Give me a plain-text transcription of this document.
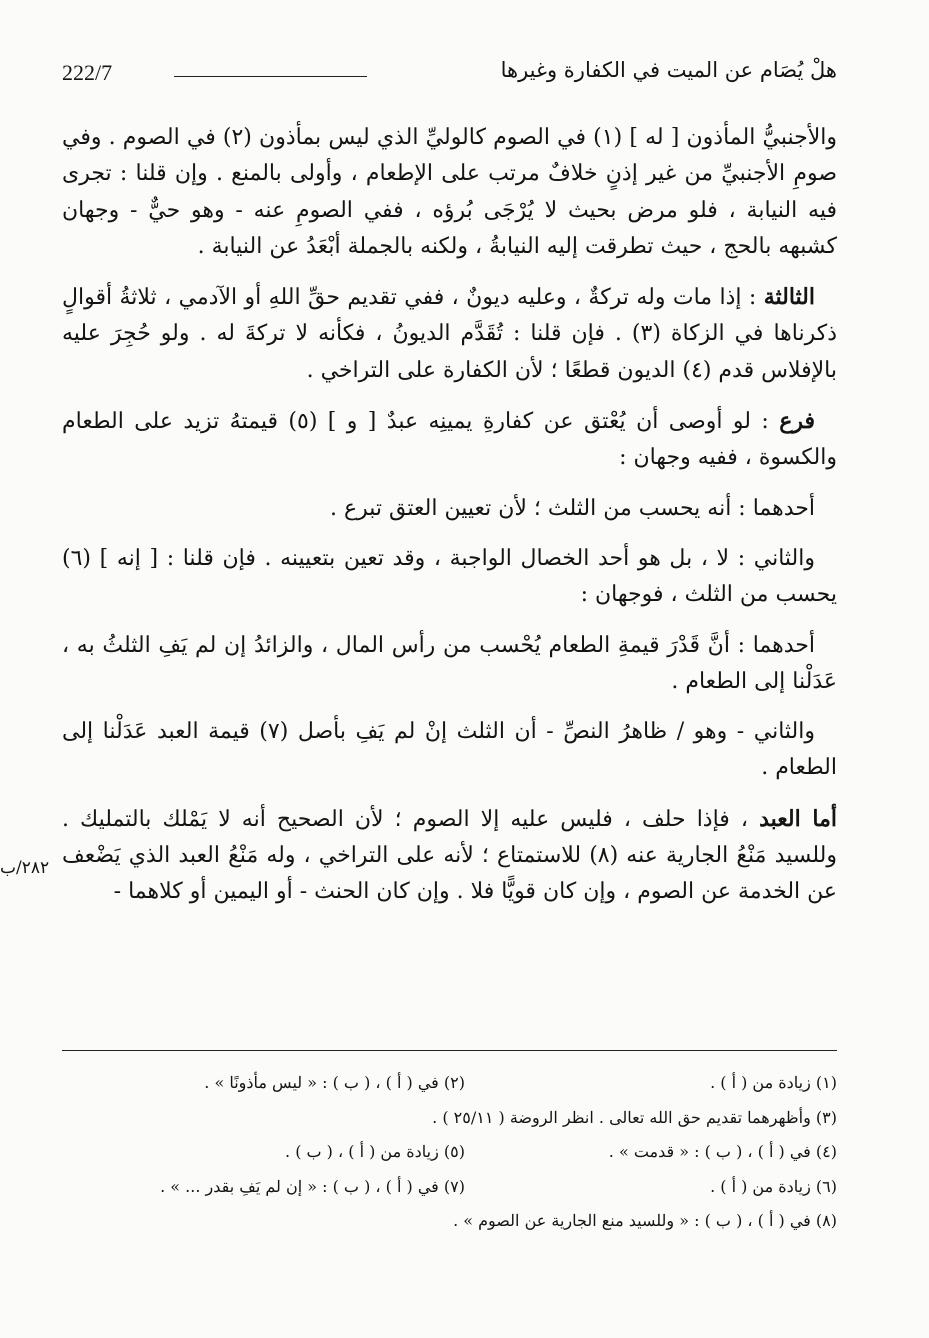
222/7	هلْ يُصَام عن الميت في الكفارة وغيرها

والأجنبيُّ المأذون [ له ] (١) في الصوم كالوليِّ الذي ليس بمأذون (٢) في الصوم . وفي صومِ الأجنبيِّ من غير إذنٍ خلافٌ مرتب على الإطعام ، وأولى بالمنع . وإن قلنا : تجرى فيه النيابة ، فلو مرض بحيث لا يُرْجَى بُرؤه ، ففي الصومِ عنه - وهو حيٌّ - وجهان كشبهه بالحج ، حيث تطرقت إليه النيابةُ ، ولكنه بالجملة أبْعَدُ عن النيابة .

الثالثة : إذا مات وله تركةٌ ، وعليه ديونٌ ، ففي تقديم حقِّ اللهِ أو الآدمي ، ثلاثةُ أقوالٍ ذكرناها في الزكاة (٣) . فإن قلنا : تُقَدَّم الديونُ ، فكأنه لا تركةَ له . ولو حُجِرَ عليه بالإفلاس قدم (٤) الديون قطعًا ؛ لأن الكفارة على التراخي .

فرع : لو أوصى أن يُعْتق عن كفارةِ يمينِه عبدٌ [ و ] (٥) قيمتهُ تزيد على الطعام والكسوة ، ففيه وجهان :

أحدهما : أنه يحسب من الثلث ؛ لأن تعيين العتق تبرع .

والثاني : لا ، بل هو أحد الخصال الواجبة ، وقد تعين بتعيينه . فإن قلنا : [ إنه ] (٦) يحسب من الثلث ، فوجهان :

أحدهما : أنَّ قَدْرَ قيمةِ الطعام يُحْسب من رأس المال ، والزائدُ إن لم يَفِ الثلثُ به ، عَدَلْنا إلى الطعام .

والثاني - وهو / ظاهرُ النصِّ - أن الثلث إنْ لم يَفِ بأصل (٧) قيمة العبد عَدَلْنا إلى الطعام .

أما العبد ، فإذا حلف ، فليس عليه إلا الصوم ؛ لأن الصحيح أنه لا يَمْلك بالتمليك . وللسيد مَنْعُ الجارية عنه (٨) للاستمتاع ؛ لأنه على التراخي ، وله مَنْعُ العبد الذي يَضْعف عن الخدمة عن الصوم ، وإن كان قويًّا فلا . وإن كان الحنث - أو اليمين أو كلاهما -

٢٨٢/ب
(١) زيادة من ( أ ) .
(٢) في ( أ ) ، ( ب ) : « ليس مأذونًا » .
(٣) وأظهرهما تقديم حق الله تعالى . انظر الروضة ( ٢٥/١١ ) .
(٤) في ( أ ) ، ( ب ) : « قدمت » .
(٥) زيادة من ( أ ) ، ( ب ) .
(٦) زيادة من ( أ ) .
(٧) في ( أ ) ، ( ب ) : « إن لم يَفِ بقدر ... » .
(٨) في ( أ ) ، ( ب ) : « وللسيد منع الجارية عن الصوم » .
